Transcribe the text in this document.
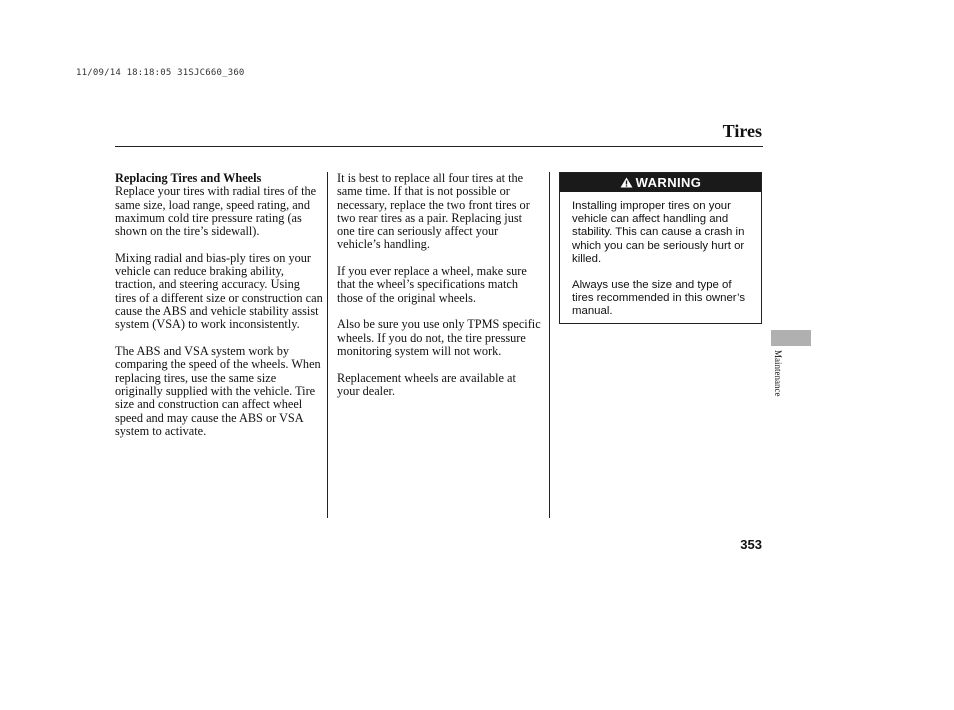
11/09/14 18:18:05 31SJC660_360
Tires

Replacing Tires and Wheels
Replace your tires with radial tires of the same size, load range, speed rating, and maximum cold tire pressure rating (as shown on the tire’s sidewall).

Mixing radial and bias-ply tires on your vehicle can reduce braking ability, traction, and steering accuracy. Using tires of a different size or construction can cause the ABS and vehicle stability assist system (VSA) to work inconsistently.

The ABS and VSA system work by comparing the speed of the wheels. When replacing tires, use the same size originally supplied with the vehicle. Tire size and construction can affect wheel speed and may cause the ABS or VSA system to activate.

It is best to replace all four tires at the same time. If that is not possible or necessary, replace the two front tires or two rear tires as a pair. Replacing just one tire can seriously affect your vehicle’s handling.

If you ever replace a wheel, make sure that the wheel’s specifications match those of the original wheels.

Also be sure you use only TPMS specific wheels. If you do not, the tire pressure monitoring system will not work.

Replacement wheels are available at your dealer.

WARNING

Installing improper tires on your vehicle can affect handling and stability. This can cause a crash in which you can be seriously hurt or killed.

Always use the size and type of tires recommended in this owner’s manual.

Maintenance
353
